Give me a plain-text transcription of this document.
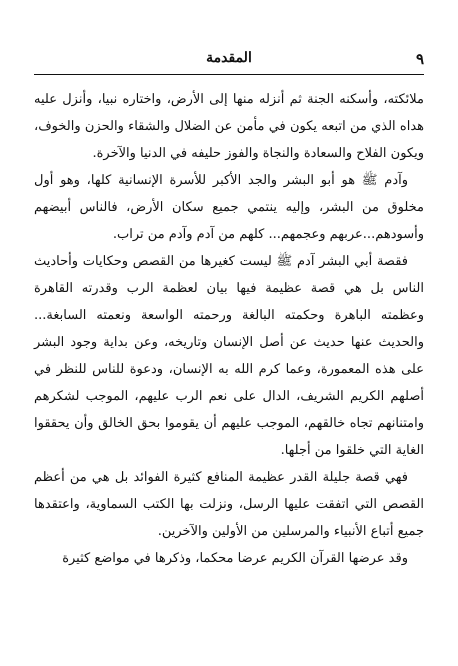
٩
المقدمة

ملائكته، وأسكنه الجنة ثم أنزله منها إلى الأرض، واختاره نبيا، وأنزل عليه هداه الذي من اتبعه يكون في مأمن عن الضلال والشقاء والحزن والخوف، ويكون الفلاح والسعادة والنجاة والفوز حليفه في الدنيا والآخرة.

وآدم ﷺ هو أبو البشر والجد الأكبر للأسرة الإنسانية كلها، وهو أول مخلوق من البشر، وإليه ينتمي جميع سكان الأرض، فالناس أبيضهم وأسودهم...عربهم وعجمهم... كلهم من آدم وآدم من تراب.

فقصة أبي البشر آدم ﷺ ليست كغيرها من القصص وحكايات وأحاديث الناس بل هي قصة عظيمة فيها بيان لعظمة الرب وقدرته القاهرة وعظمته الباهرة وحكمته البالغة ورحمته الواسعة ونعمته السابغة... والحديث عنها حديث عن أصل الإنسان وتاريخه، وعن بداية وجود البشر على هذه المعمورة، وعما كرم الله به الإنسان، ودعوة للناس للنظر في أصلهم الكريم الشريف، الدال على نعم الرب عليهم، الموجب لشكرهم وامتنانهم تجاه خالقهم، الموجب عليهم أن يقوموا بحق الخالق وأن يحققوا الغاية التي خلقوا من أجلها.

فهي قصة جليلة القدر عظيمة المنافع كثيرة الفوائد بل هي من أعظم القصص التي اتفقت عليها الرسل، ونزلت بها الكتب السماوية، واعتقدها جميع أتباع الأنبياء والمرسلين من الأولين والآخرين.

وقد عرضها القرآن الكريم عرضا محكما، وذكرها في مواضع كثيرة
